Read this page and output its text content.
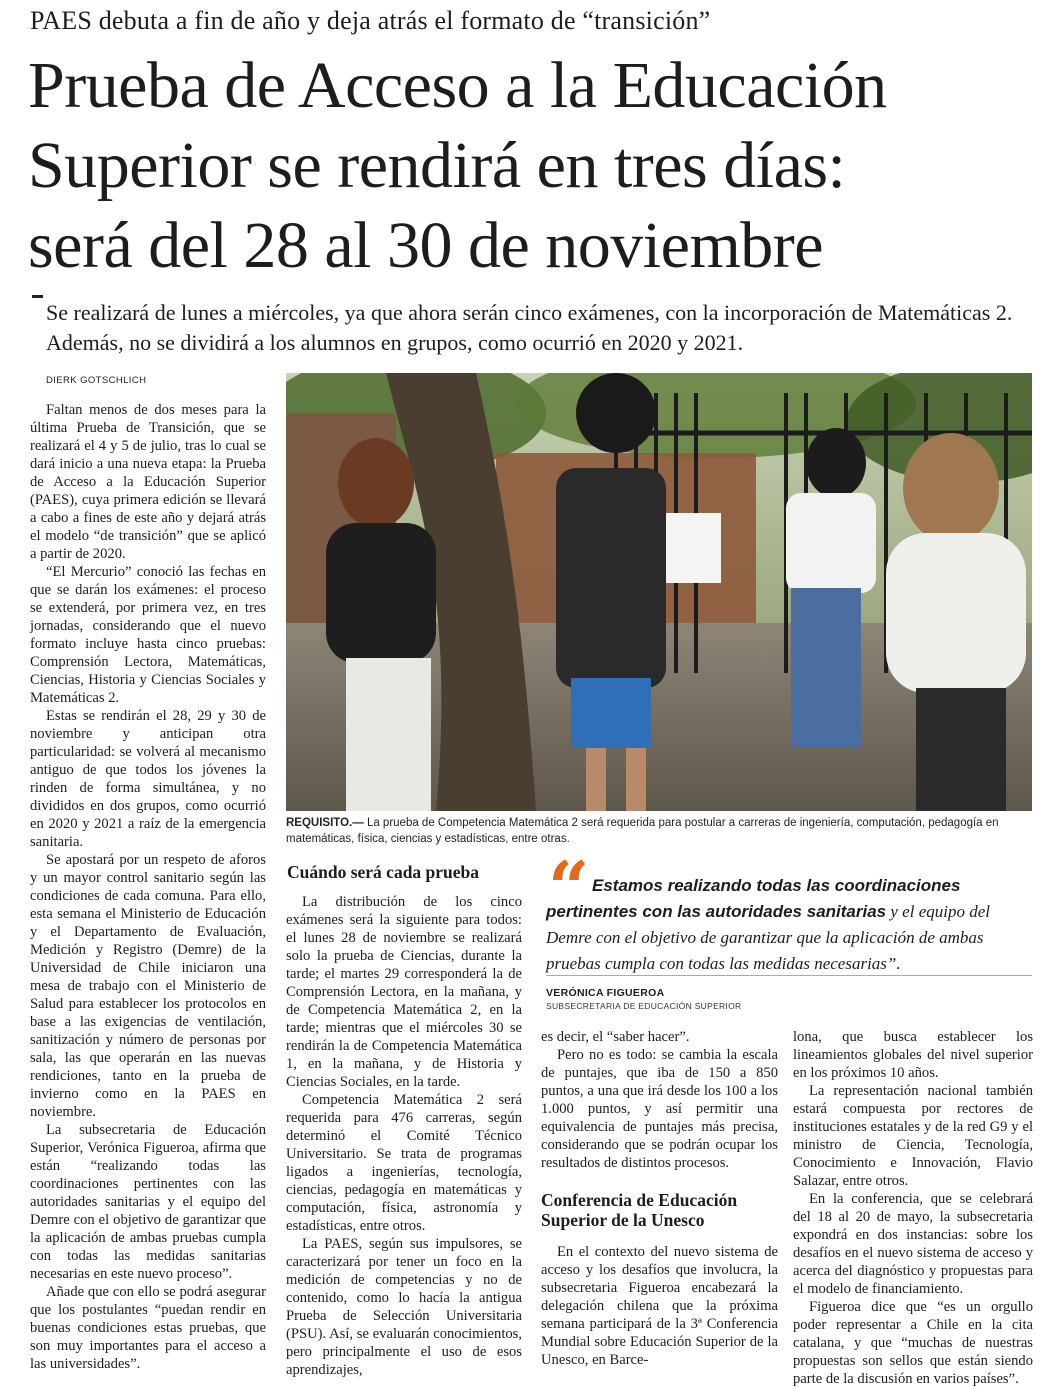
PAES debuta a fin de año y deja atrás el formato de “transición”
Prueba de Acceso a la Educación
Superior se rendirá en tres días:
será del 28 al 30 de noviembre
Se realizará de lunes a miércoles, ya que ahora serán cinco exámenes, con la incorporación de Matemáticas 2. Además, no se dividirá a los alumnos en grupos, como ocurrió en 2020 y 2021.
DIERK GOTSCHLICH

Faltan menos de dos meses para la última Prueba de Transición, que se realizará el 4 y 5 de julio, tras lo cual se dará inicio a una nueva etapa: la Prueba de Acceso a la Educación Superior (PAES), cuya primera edición se llevará a cabo a fines de este año y dejará atrás el modelo “de transición” que se aplicó a partir de 2020.

“El Mercurio” conoció las fechas en que se darán los exámenes: el proceso se extenderá, por primera vez, en tres jornadas, considerando que el nuevo formato incluye hasta cinco pruebas: Comprensión Lectora, Matemáticas, Ciencias, Historia y Ciencias Sociales y Matemáticas 2.

Estas se rendirán el 28, 29 y 30 de noviembre y anticipan otra particularidad: se volverá al mecanismo antiguo de que todos los jóvenes la rinden de forma simultánea, y no divididos en dos grupos, como ocurrió en 2020 y 2021 a raíz de la emergencia sanitaria.

Se apostará por un respeto de aforos y un mayor control sanitario según las condiciones de cada comuna. Para ello, esta semana el Ministerio de Educación y el Departamento de Evaluación, Medición y Registro (Demre) de la Universidad de Chile iniciaron una mesa de trabajo con el Ministerio de Salud para establecer los protocolos en base a las exigencias de ventilación, sanitización y número de personas por sala, las que operarán en las nuevas rendiciones, tanto en la prueba de invierno como en la PAES en noviembre.

La subsecretaria de Educación Superior, Verónica Figueroa, afirma que están “realizando todas las coordinaciones pertinentes con las autoridades sanitarias y el equipo del Demre con el objetivo de garantizar que la aplicación de ambas pruebas cumpla con todas las medidas sanitarias necesarias en este nuevo proceso”.

Añade que con ello se podrá asegurar que los postulantes “puedan rendir en buenas condiciones estas pruebas, que son muy importantes para el acceso a las universidades”.

REQUISITO.— La prueba de Competencia Matemática 2 será requerida para postular a carreras de ingeniería, computación, pedagogía en matemáticas, física, ciencias y estadísticas, entre otras.
Cuándo será cada prueba

La distribución de los cinco exámenes será la siguiente para todos: el lunes 28 de noviembre se realizará solo la prueba de Ciencias, durante la tarde; el martes 29 corresponderá la de Comprensión Lectora, en la mañana, y de Competencia Matemática 2, en la tarde; mientras que el miércoles 30 se rendirán la de Competencia Matemática 1, en la mañana, y de Historia y Ciencias Sociales, en la tarde.

Competencia Matemática 2 será requerida para 476 carreras, según determinó el Comité Técnico Universitario. Se trata de programas ligados a ingenierías, tecnología, ciencias, pedagogía en matemáticas y computación, física, astronomía y estadísticas, entre otros.

La PAES, según sus impulsores, se caracterizará por tener un foco en la medición de competencias y no de contenido, como lo hacía la antigua Prueba de Selección Universitaria (PSU). Así, se evaluarán conocimientos, pero principalmente el uso de esos aprendizajes,

“ Estamos realizando todas las coordinaciones pertinentes con las autoridades sanitarias y el equipo del Demre con el objetivo de garantizar que la aplicación de ambas pruebas cumpla con todas las medidas necesarias”.
VERÓNICA FIGUEROA
SUBSECRETARIA DE EDUCACIÓN SUPERIOR

es decir, el “saber hacer”.

Pero no es todo: se cambia la escala de puntajes, que iba de 150 a 850 puntos, a una que irá desde los 100 a los 1.000 puntos, y así permitir una equivalencia de puntajes más precisa, considerando que se podrán ocupar los resultados de distintos procesos.

Conferencia de Educación Superior de la Unesco

En el contexto del nuevo sistema de acceso y los desafíos que involucra, la subsecretaria Figueroa encabezará la delegación chilena que la próxima semana participará de la 3ª Conferencia Mundial sobre Educación Superior de la Unesco, en Barce-

lona, que busca establecer los lineamientos globales del nivel superior en los próximos 10 años.

La representación nacional también estará compuesta por rectores de instituciones estatales y de la red G9 y el ministro de Ciencia, Tecnología, Conocimiento e Innovación, Flavio Salazar, entre otros.

En la conferencia, que se celebrará del 18 al 20 de mayo, la subsecretaria expondrá en dos instancias: sobre los desafíos en el nuevo sistema de acceso y acerca del diagnóstico y propuestas para el modelo de financiamiento.

Figueroa dice que “es un orgullo poder representar a Chile en la cita catalana, y que “muchas de nuestras propuestas son sellos que están siendo parte de la discusión en varios países”.
